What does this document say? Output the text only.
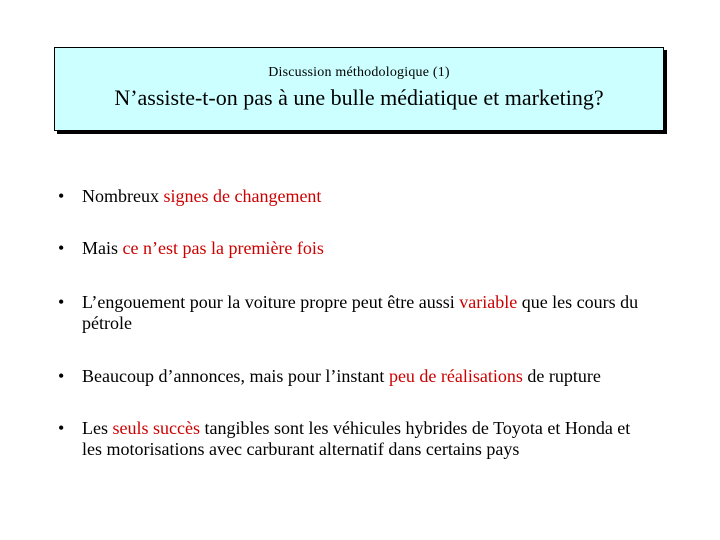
Discussion méthodologique (1)
N’assiste-t-on pas à une bulle médiatique et marketing?
• Nombreux signes de changement
• Mais ce n’est pas la première fois
• L’engouement pour la voiture propre peut être aussi variable que les cours du pétrole
• Beaucoup d’annonces, mais pour l’instant peu de réalisations de rupture
• Les seuls succès tangibles sont les véhicules hybrides de Toyota et Honda et les motorisations avec carburant alternatif dans certains pays
